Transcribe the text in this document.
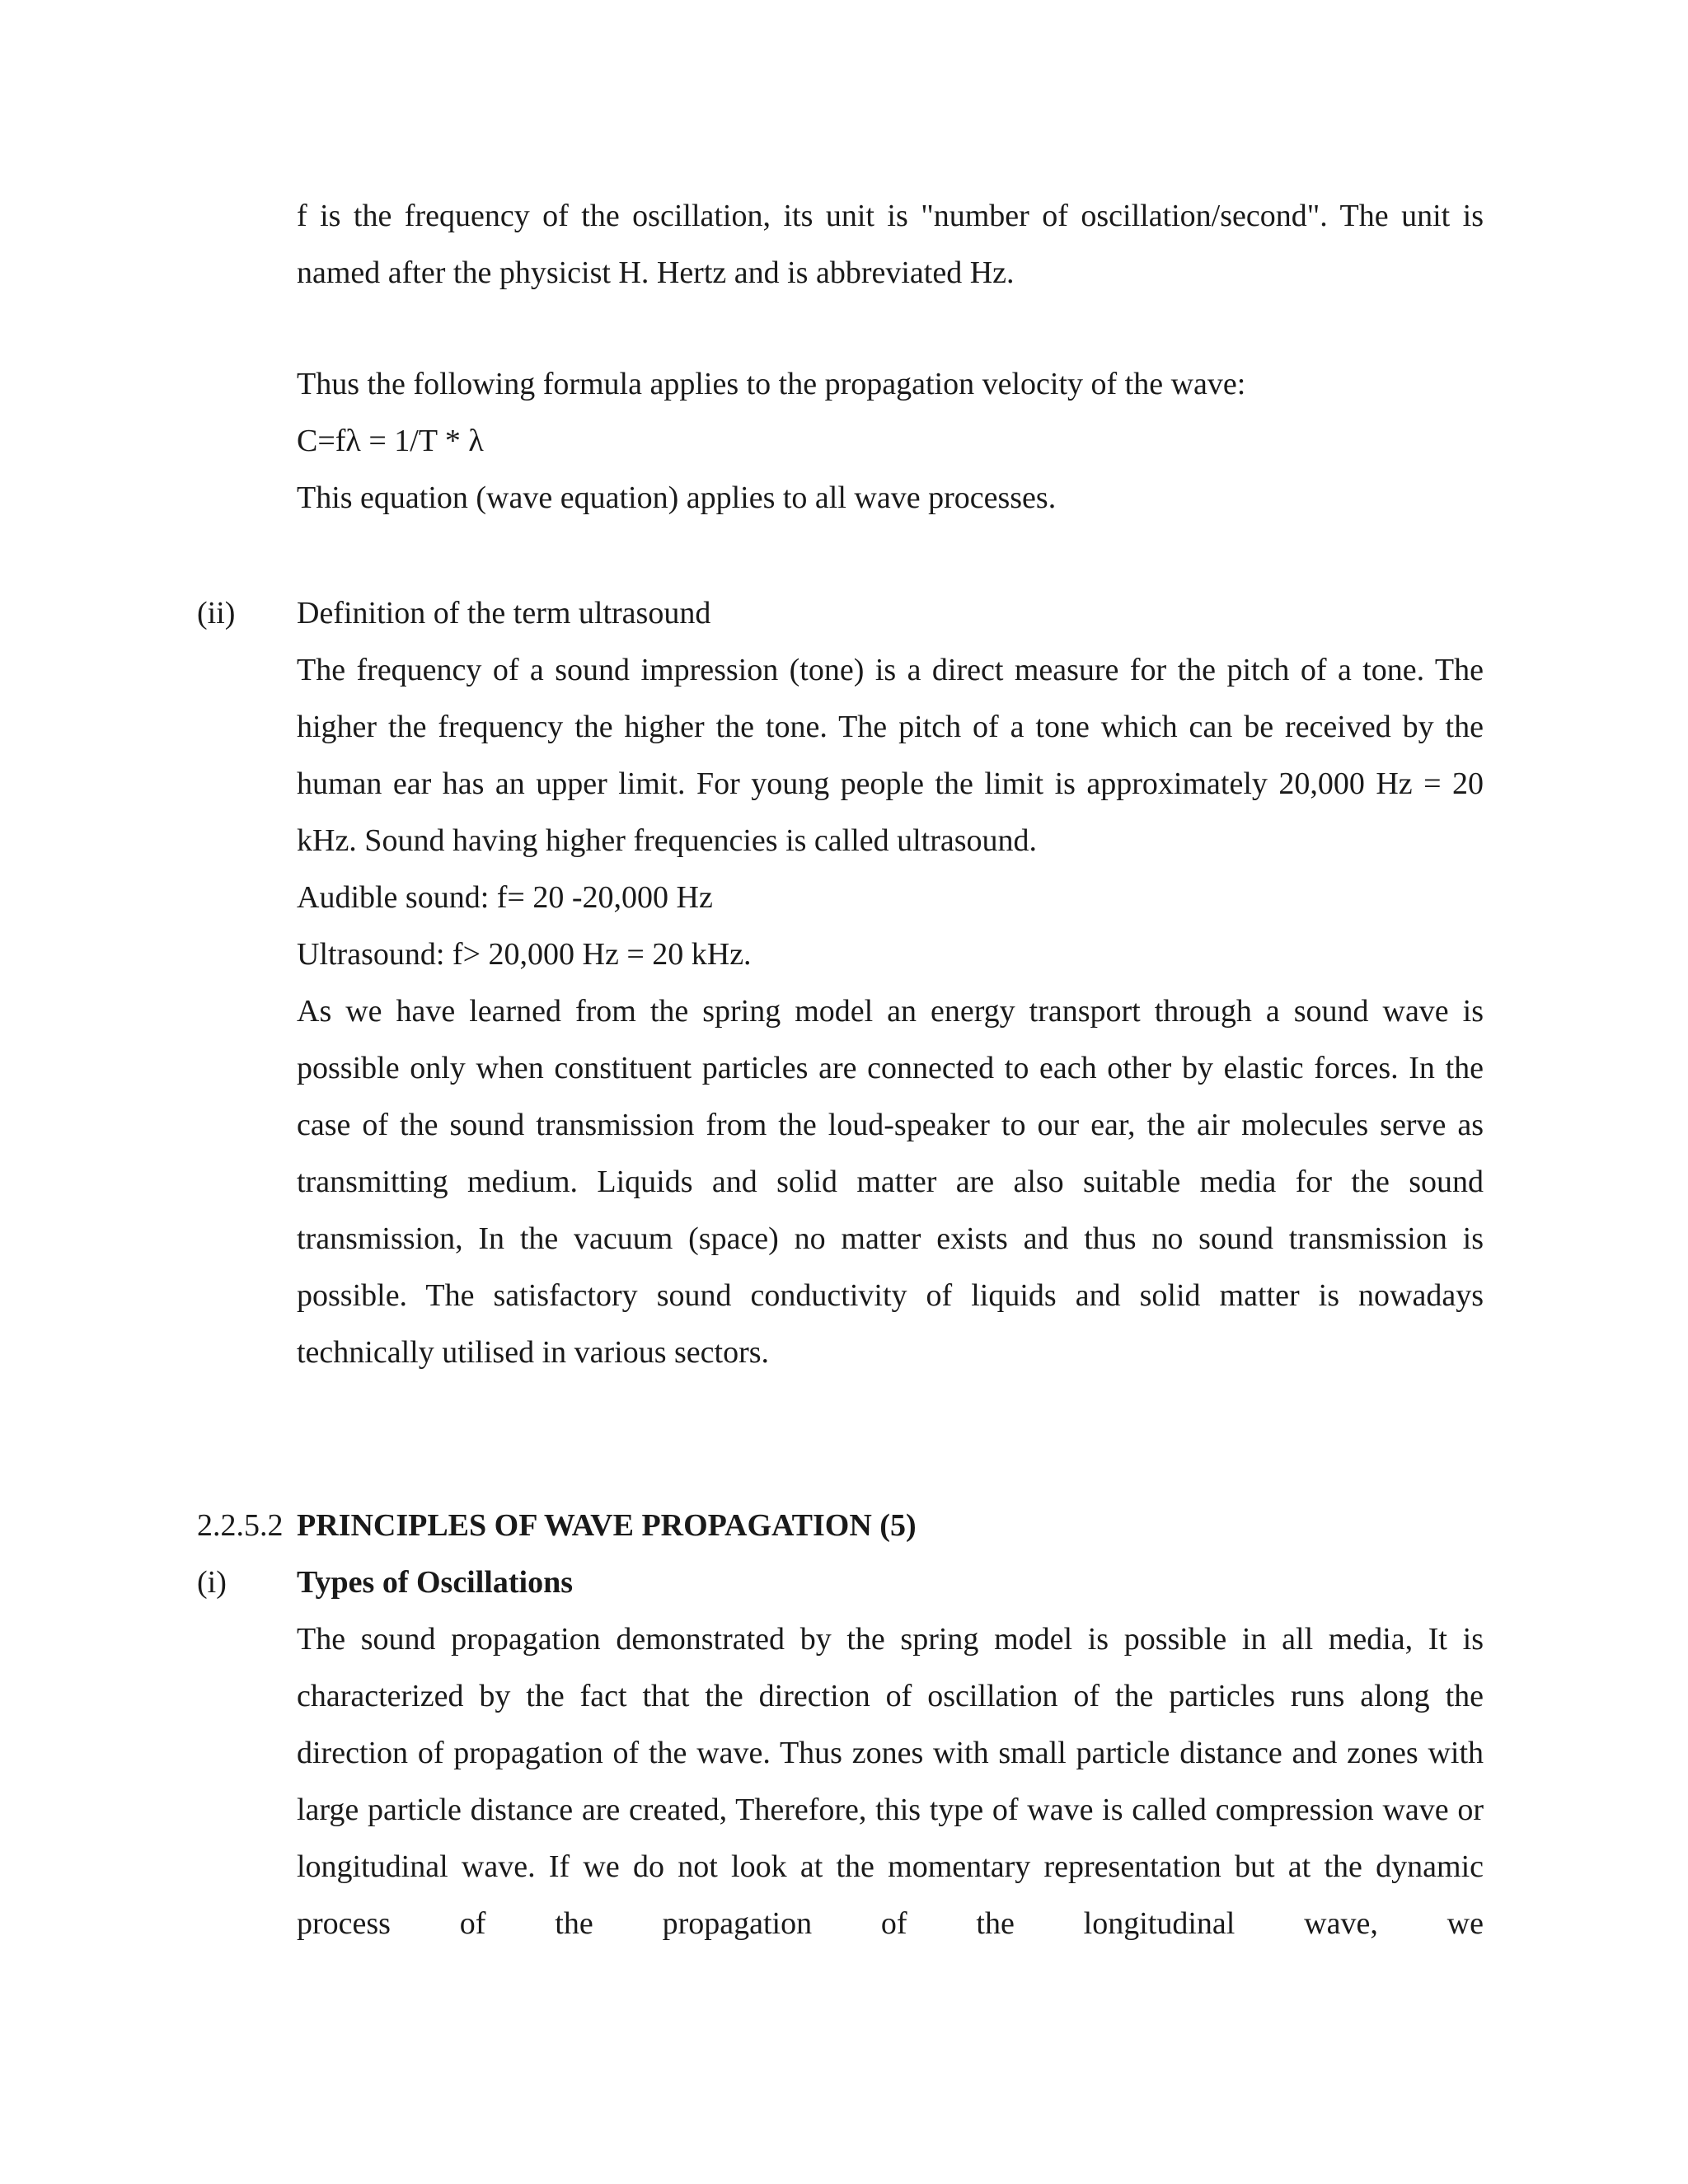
f is the frequency of the oscillation, its unit is "number of oscillation/second". The unit is named after the physicist H. Hertz and is abbreviated Hz.

Thus the following formula applies to the propagation velocity of the wave:

C=fλ = 1/T * λ

This equation (wave equation) applies to all wave processes.

(ii) Definition of the term ultrasound

The frequency of a sound impression (tone) is a direct measure for the pitch of a tone. The higher the frequency the higher the tone. The pitch of a tone which can be received by the human ear has an upper limit. For young people the limit is approximately 20,000 Hz = 20 kHz. Sound having higher frequencies is called ultrasound.

Audible sound: f= 20 -20,000 Hz

Ultrasound: f> 20,000 Hz = 20 kHz.

As we have learned from the spring model an energy transport through a sound wave is possible only when constituent particles are connected to each other by elastic forces. In the case of the sound transmission from the loud-speaker to our ear, the air molecules serve as transmitting medium. Liquids and solid matter are also suitable media for the sound transmission, In the vacuum (space) no matter exists and thus no sound transmission is possible. The satisfactory sound conductivity of liquids and solid matter is nowadays technically utilised in various sectors.

2.2.5.2 PRINCIPLES OF WAVE PROPAGATION (5)

(i) Types of Oscillations

The sound propagation demonstrated by the spring model is possible in all media, It is characterized by the fact that the direction of oscillation of the particles runs along the direction of propagation of the wave. Thus zones with small particle distance and zones with large particle distance are created, Therefore, this type of wave is called compression wave or longitudinal wave. If we do not look at the momentary representation but at the dynamic process of the propagation of the longitudinal wave, we
